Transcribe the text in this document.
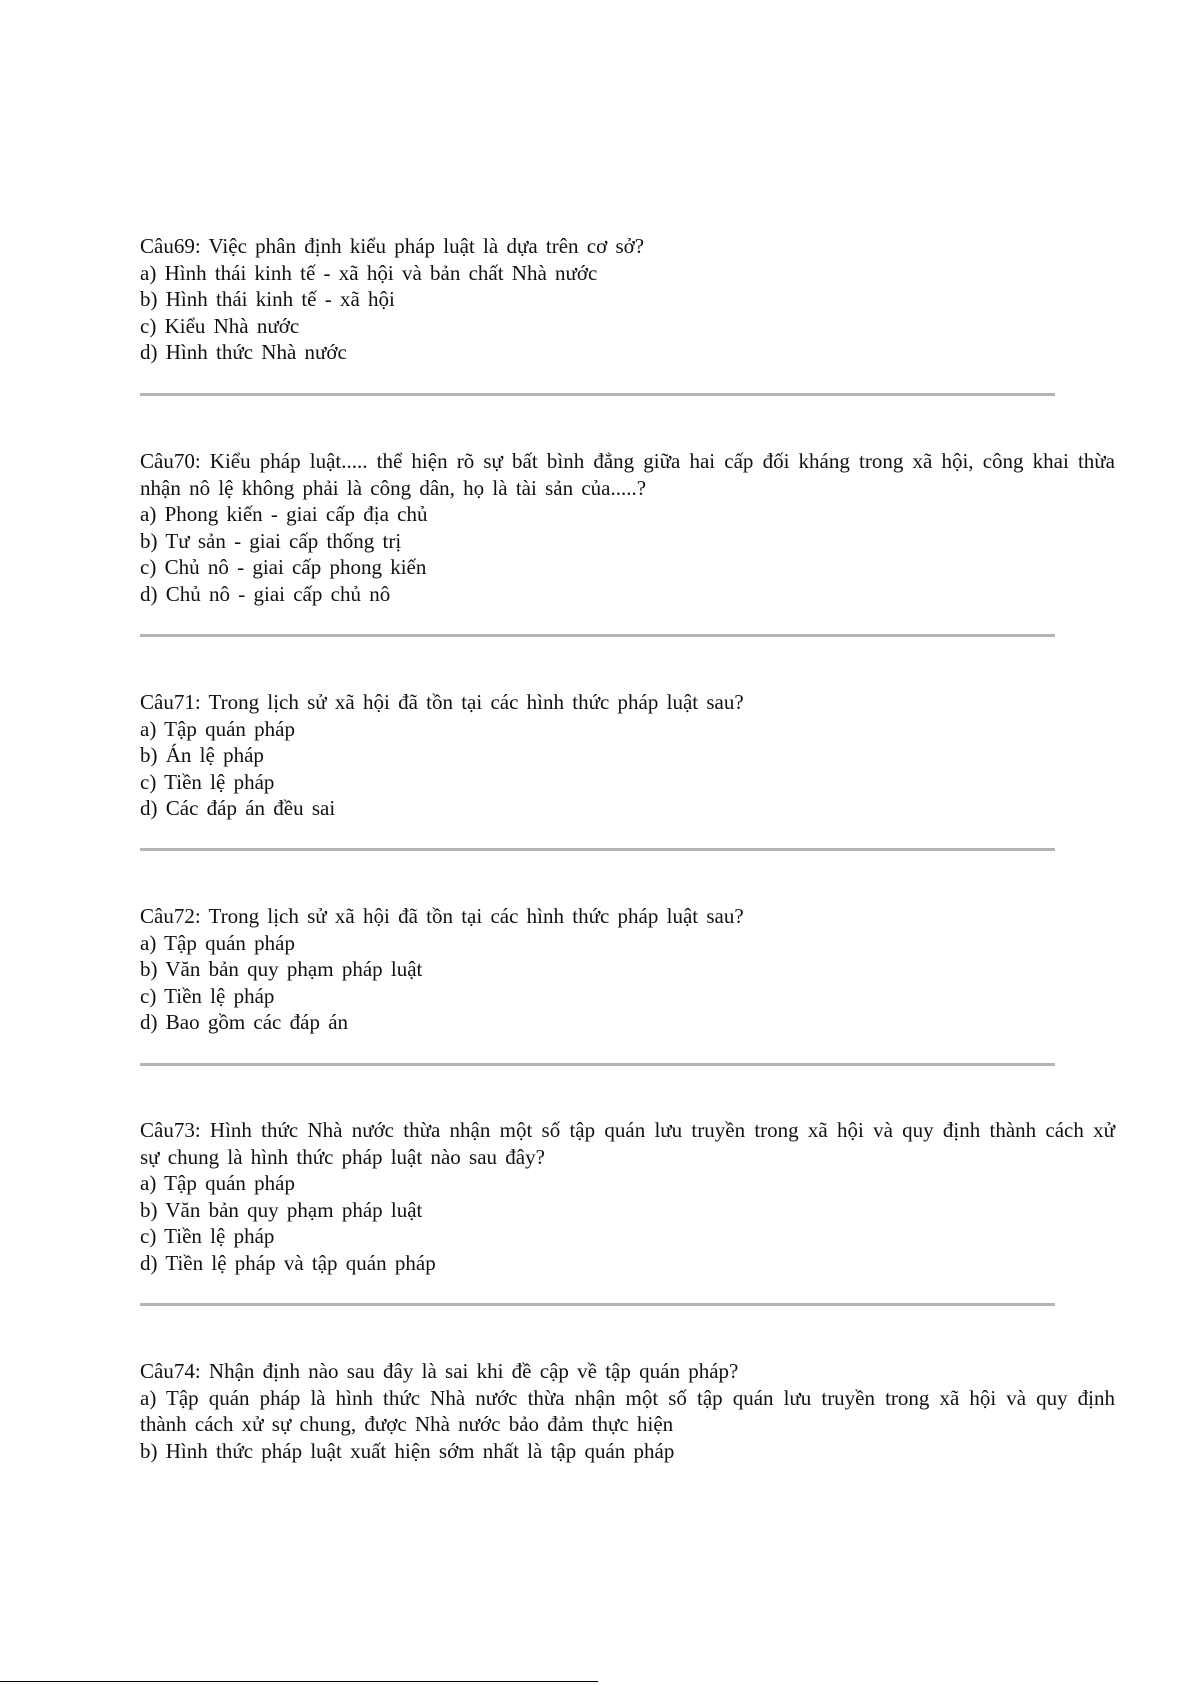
Câu69: Việc phân định kiểu pháp luật là dựa trên cơ sở?
a) Hình thái kinh tế - xã hội và bản chất Nhà nước
b) Hình thái kinh tế - xã hội
c) Kiểu Nhà nước
d) Hình thức Nhà nước
Câu70: Kiểu pháp luật..... thể hiện rõ sự bất bình đẳng giữa hai cấp đối kháng trong xã hội, công khai thừa nhận nô lệ không phải là công dân, họ là tài sản của.....?
a) Phong kiến - giai cấp địa chủ
b) Tư sản - giai cấp thống trị
c) Chủ nô - giai cấp phong kiến
d) Chủ nô - giai cấp chủ nô
Câu71: Trong lịch sử xã hội đã tồn tại các hình thức pháp luật sau?
a) Tập quán pháp
b) Án lệ pháp
c) Tiền lệ pháp
d) Các đáp án đều sai
Câu72: Trong lịch sử xã hội đã tồn tại các hình thức pháp luật sau?
a) Tập quán pháp
b) Văn bản quy phạm pháp luật
c) Tiền lệ pháp
d) Bao gồm các đáp án
Câu73: Hình thức Nhà nước thừa nhận một số tập quán lưu truyền trong xã hội và quy định thành cách xử sự chung là hình thức pháp luật nào sau đây?
a) Tập quán pháp
b) Văn bản quy phạm pháp luật
c) Tiền lệ pháp
d) Tiền lệ pháp và tập quán pháp
Câu74: Nhận định nào sau đây là sai khi đề cập về tập quán pháp?
a) Tập quán pháp là hình thức Nhà nước thừa nhận một số tập quán lưu truyền trong xã hội và quy định thành cách xử sự chung, được Nhà nước bảo đảm thực hiện
b) Hình thức pháp luật xuất hiện sớm nhất là tập quán pháp
